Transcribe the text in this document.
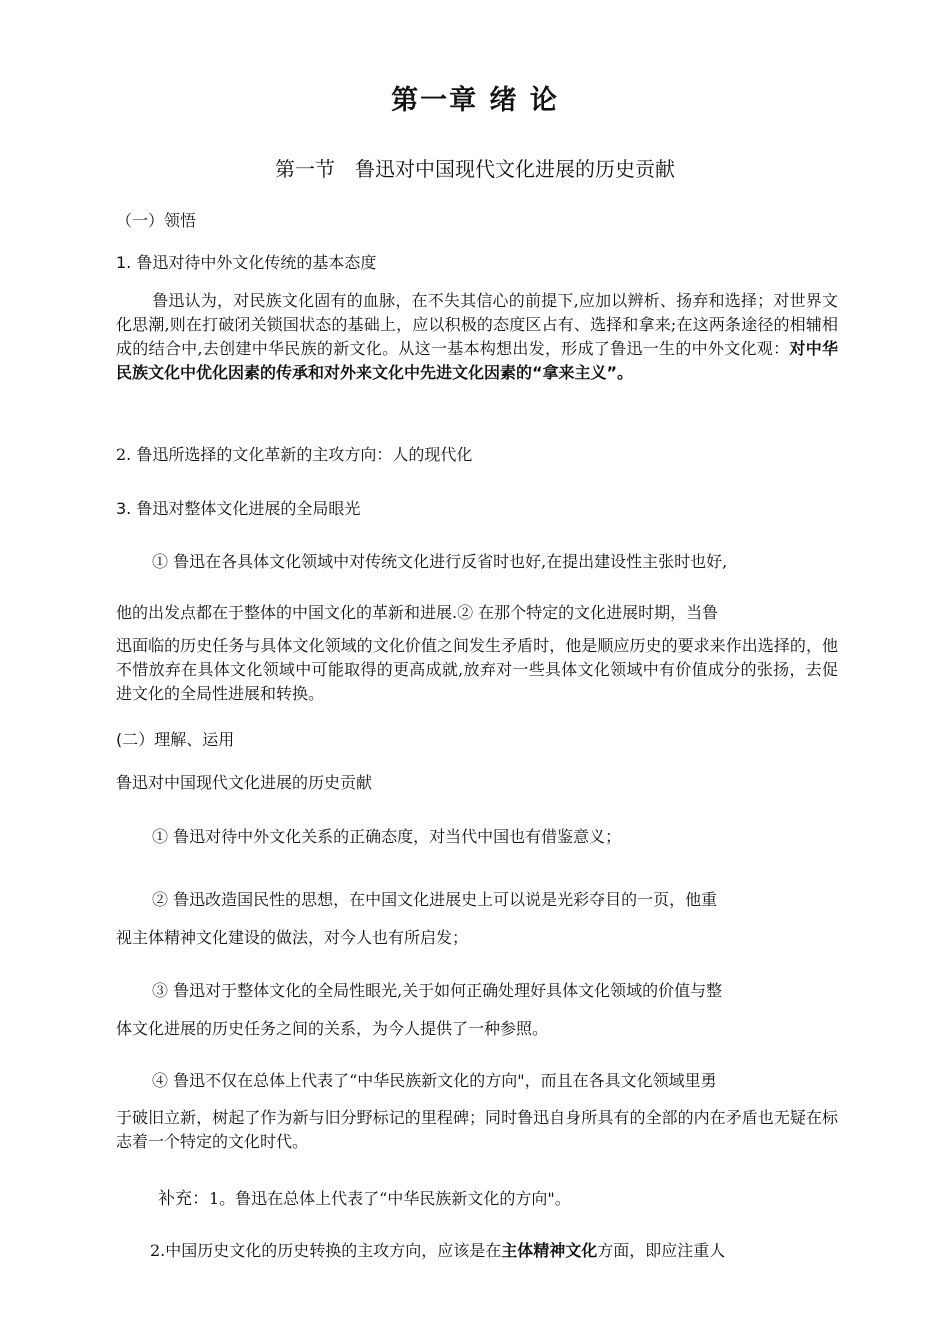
第一章 绪 论
第一节　鲁迅对中国现代文化进展的历史贡献

（一）领悟

1. 鲁迅对待中外文化传统的基本态度

鲁迅认为，对民族文化固有的血脉，在不失其信心的前提下,应加以辨析、扬弃和选择；对世界文化思潮,则在打破闭关锁国状态的基础上，应以积极的态度区占有、选择和拿来;在这两条途径的相辅相成的结合中,去创建中华民族的新文化。从这一基本构想出发，形成了鲁迅一生的中外文化观：对中华民族文化中优化因素的传承和对外来文化中先进文化因素的“拿来主义”。

2. 鲁迅所选择的文化革新的主攻方向：人的现代化

3. 鲁迅对整体文化进展的全局眼光

① 鲁迅在各具体文化领域中对传统文化进行反省时也好,在提出建设性主张时也好,

他的出发点都在于整体的中国文化的革新和进展.② 在那个特定的文化进展时期，当鲁

迅面临的历史任务与具体文化领域的文化价值之间发生矛盾时，他是顺应历史的要求来作出选择的，他不惜放弃在具体文化领域中可能取得的更高成就,放弃对一些具体文化领域中有价值成分的张扬，去促进文化的全局性进展和转换。

(二）理解、运用

鲁迅对中国现代文化进展的历史贡献

① 鲁迅对待中外文化关系的正确态度，对当代中国也有借鉴意义；

② 鲁迅改造国民性的思想，在中国文化进展史上可以说是光彩夺目的一页，他重

视主体精神文化建设的做法，对今人也有所启发；

③ 鲁迅对于整体文化的全局性眼光,关于如何正确处理好具体文化领域的价值与整

体文化进展的历史任务之间的关系，为今人提供了一种参照。

④ 鲁迅不仅在总体上代表了“中华民族新文化的方向"，而且在各具文化领域里勇

于破旧立新，树起了作为新与旧分野标记的里程碑；同时鲁迅自身所具有的全部的内在矛盾也无疑在标志着一个特定的文化时代。

补充：1。鲁迅在总体上代表了“中华民族新文化的方向"。

2.中国历史文化的历史转换的主攻方向，应该是在主体精神文化方面，即应注重人
